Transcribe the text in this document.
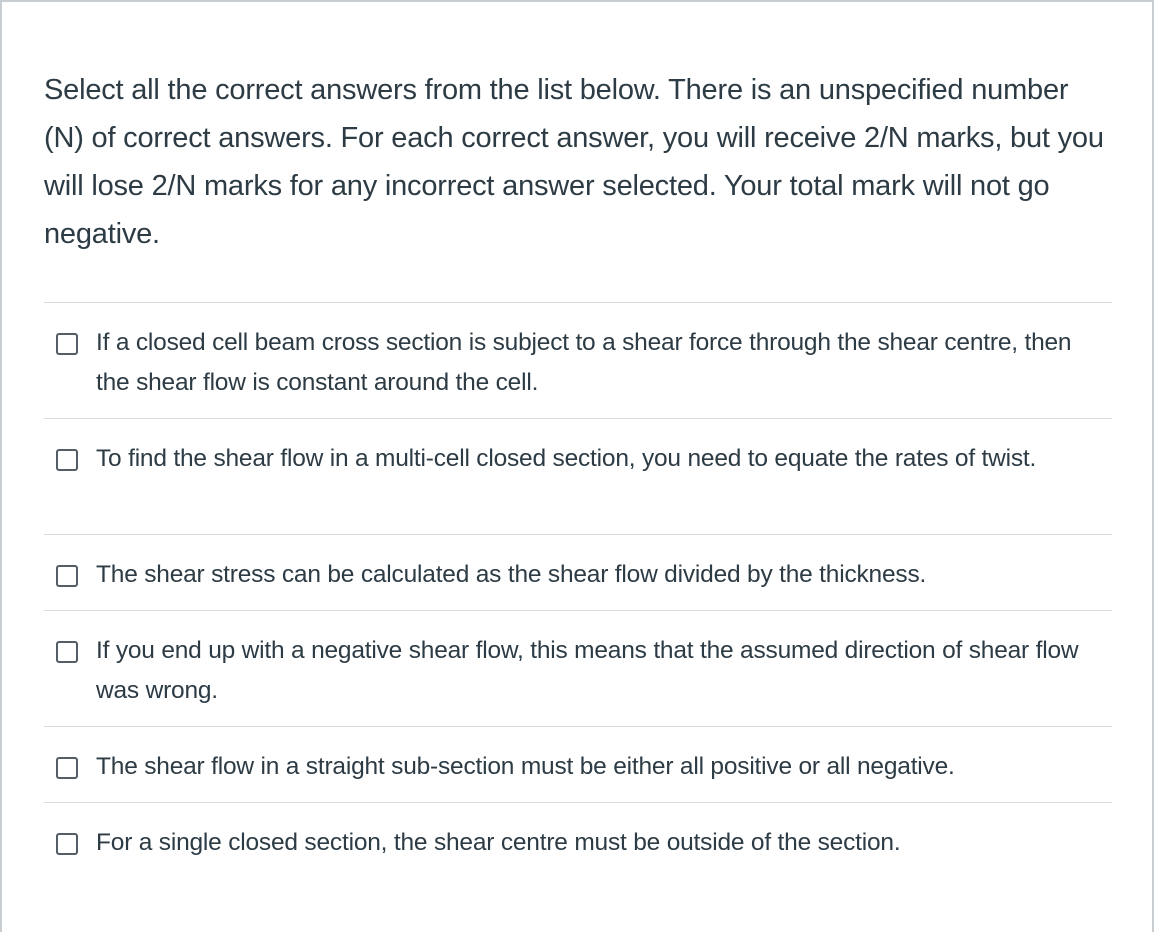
Select all the correct answers from the list below. There is an unspecified number (N) of correct answers. For each correct answer, you will receive 2/N marks, but you will lose 2/N marks for any incorrect answer selected. Your total mark will not go negative.
If a closed cell beam cross section is subject to a shear force through the shear centre, then the shear flow is constant around the cell.
To find the shear flow in a multi-cell closed section, you need to equate the rates of twist.
The shear stress can be calculated as the shear flow divided by the thickness.
If you end up with a negative shear flow, this means that the assumed direction of shear flow was wrong.
The shear flow in a straight sub-section must be either all positive or all negative.
For a single closed section, the shear centre must be outside of the section.
